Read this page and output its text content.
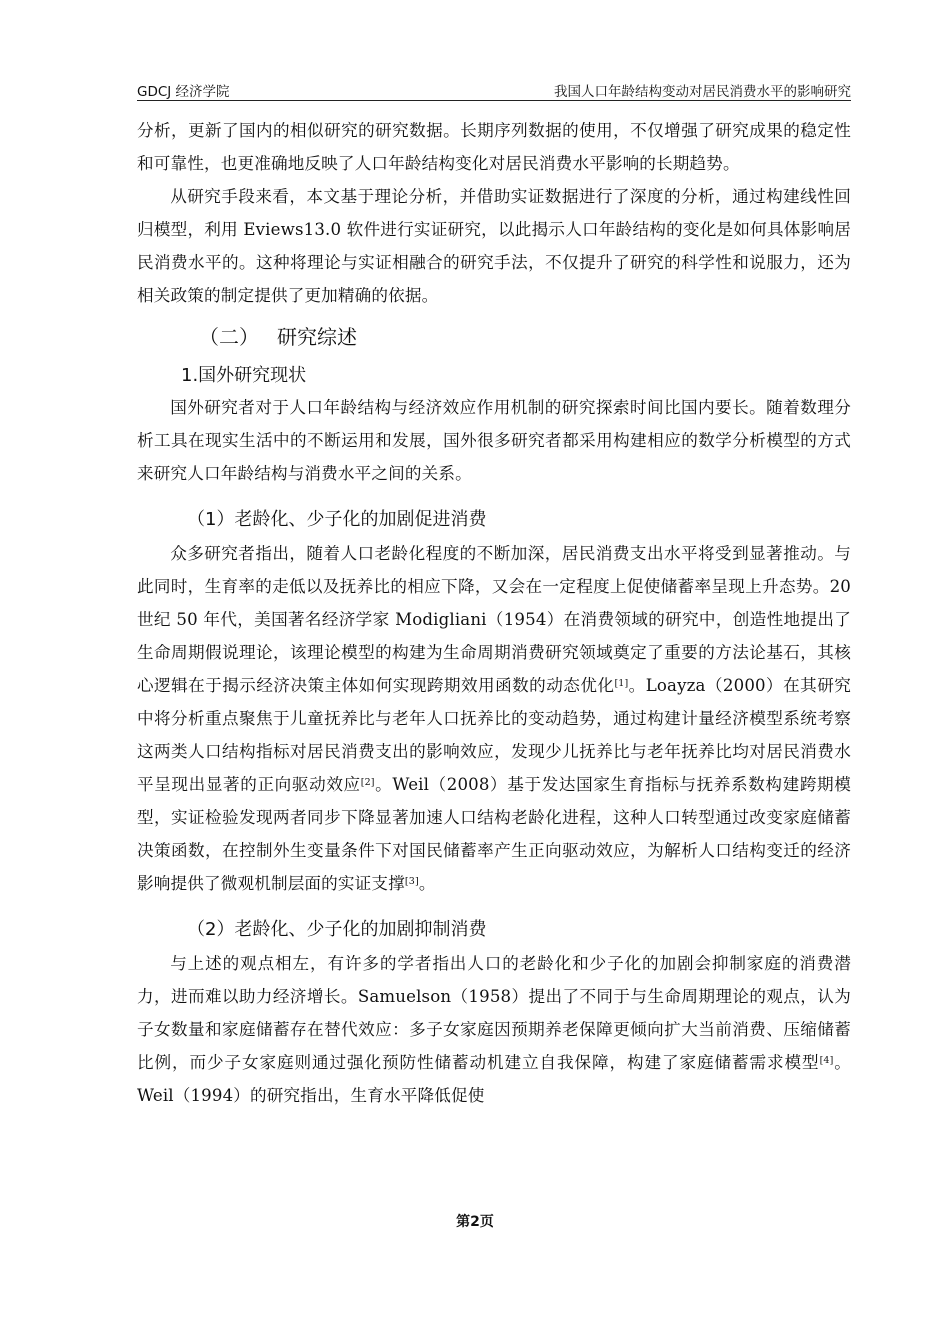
GDCJ 经济学院	我国人口年龄结构变动对居民消费水平的影响研究

分析，更新了国内的相似研究的研究数据。长期序列数据的使用，不仅增强了研究成果的稳定性和可靠性，也更准确地反映了人口年龄结构变化对居民消费水平影响的长期趋势。

从研究手段来看，本文基于理论分析，并借助实证数据进行了深度的分析，通过构建线性回归模型，利用 Eviews13.0 软件进行实证研究，以此揭示人口年龄结构的变化是如何具体影响居民消费水平的。这种将理论与实证相融合的研究手法，不仅提升了研究的科学性和说服力，还为相关政策的制定提供了更加精确的依据。

（二） 研究综述
1.国外研究现状

国外研究者对于人口年龄结构与经济效应作用机制的研究探索时间比国内要长。随着数理分析工具在现实生活中的不断运用和发展，国外很多研究者都采用构建相应的数学分析模型的方式来研究人口年龄结构与消费水平之间的关系。

（1）老龄化、少子化的加剧促进消费

众多研究者指出，随着人口老龄化程度的不断加深，居民消费支出水平将受到显著推动。与此同时，生育率的走低以及抚养比的相应下降，又会在一定程度上促使储蓄率呈现上升态势。20 世纪 50 年代，美国著名经济学家 Modigliani（1954）在消费领域的研究中，创造性地提出了生命周期假说理论，该理论模型的构建为生命周期消费研究领域奠定了重要的方法论基石，其核心逻辑在于揭示经济决策主体如何实现跨期效用函数的动态优化[1]。Loayza（2000）在其研究中将分析重点聚焦于儿童抚养比与老年人口抚养比的变动趋势，通过构建计量经济模型系统考察这两类人口结构指标对居民消费支出的影响效应，发现少儿抚养比与老年抚养比均对居民消费水平呈现出显著的正向驱动效应[2]。Weil（2008）基于发达国家生育指标与抚养系数构建跨期模型，实证检验发现两者同步下降显著加速人口结构老龄化进程，这种人口转型通过改变家庭储蓄决策函数，在控制外生变量条件下对国民储蓄率产生正向驱动效应，为解析人口结构变迁的经济影响提供了微观机制层面的实证支撑[3]。

（2）老龄化、少子化的加剧抑制消费

与上述的观点相左，有许多的学者指出人口的老龄化和少子化的加剧会抑制家庭的消费潜力，进而难以助力经济增长。Samuelson（1958）提出了不同于与生命周期理论的观点，认为子女数量和家庭储蓄存在替代效应：多子女家庭因预期养老保障更倾向扩大当前消费、压缩储蓄比例，而少子女家庭则通过强化预防性储蓄动机建立自我保障，构建了家庭储蓄需求模型[4]。Weil（1994）的研究指出，生育水平降低促使

第2页
